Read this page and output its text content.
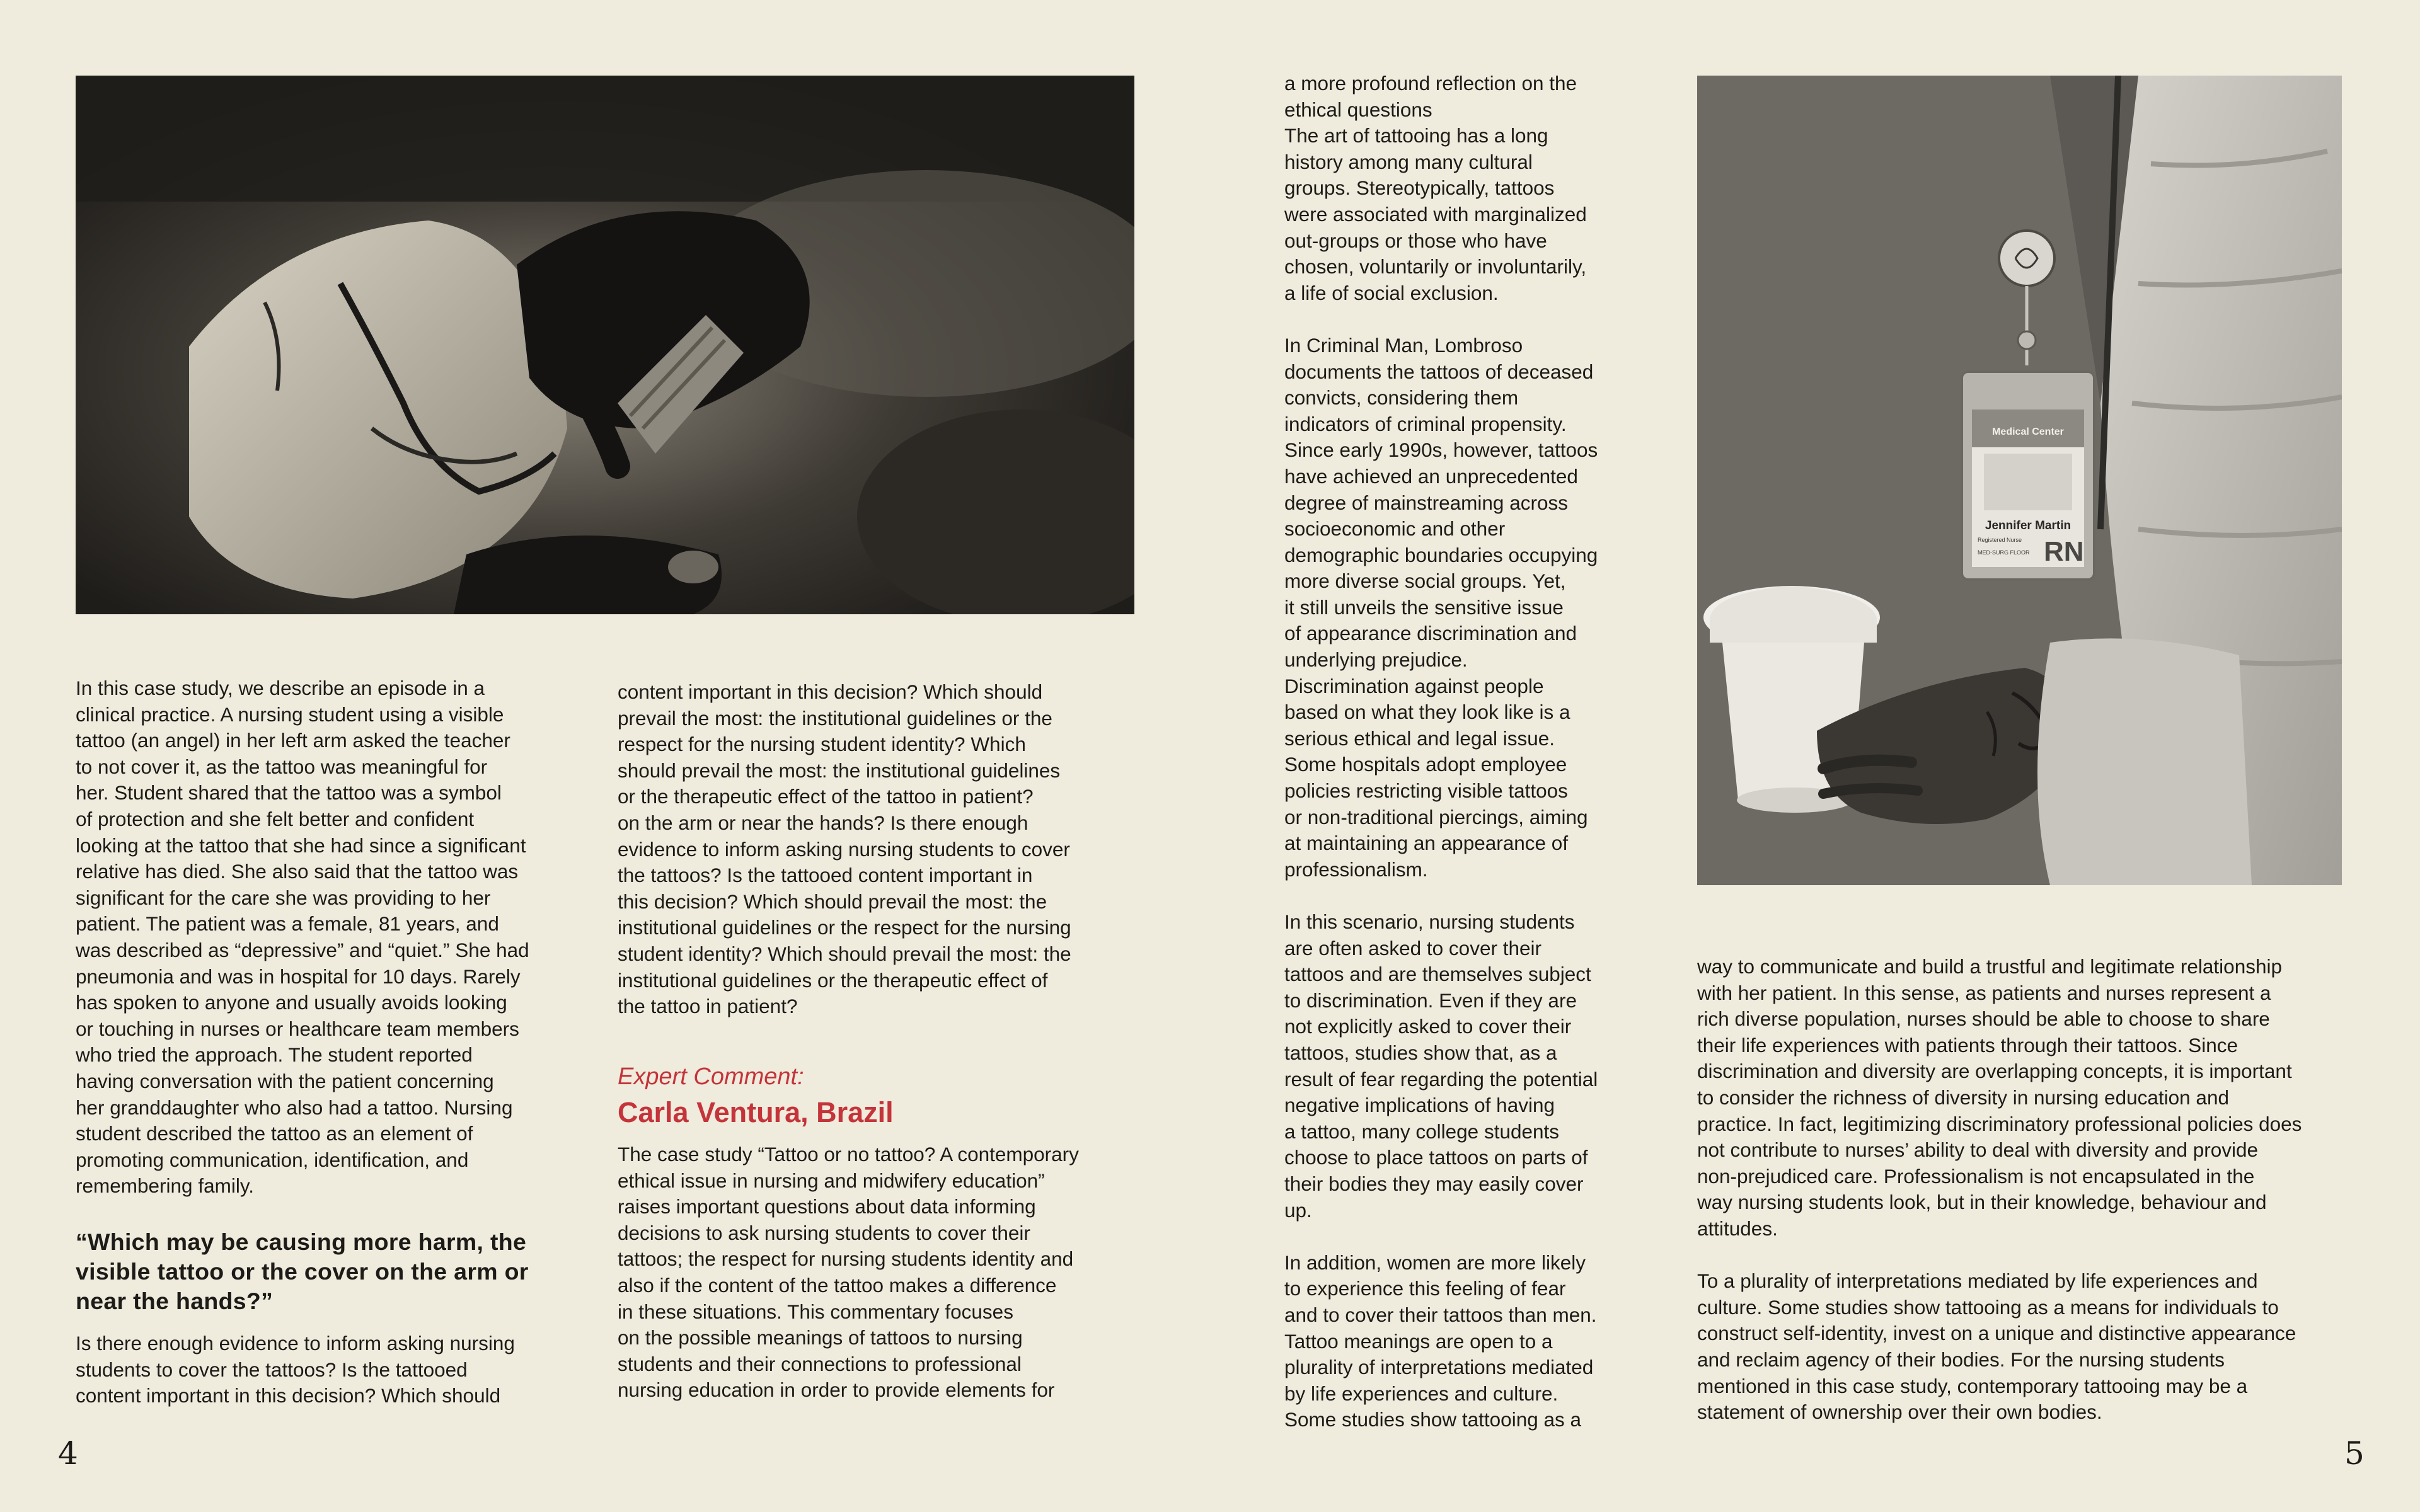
In this case study, we describe an episode in a
clinical practice. A nursing student using a visible
tattoo (an angel) in her left arm asked the teacher
to not cover it, as the tattoo was meaningful for
her. Student shared that the tattoo was a symbol
of protection and she felt better and confident
looking at the tattoo that she had since a significant
relative has died. She also said that the tattoo was
significant for the care she was providing to her
patient. The patient was a female, 81 years, and
was described as “depressive” and “quiet.” She had
pneumonia and was in hospital for 10 days. Rarely
has spoken to anyone and usually avoids looking
or touching in nurses or healthcare team members
who tried the approach. The student reported
having conversation with the patient concerning
her granddaughter who also had a tattoo. Nursing
student described the tattoo as an element of
promoting communication, identification, and
remembering family.

“Which may be causing more harm, the visible tattoo or the cover on the arm or near the hands?”

Is there enough evidence to inform asking nursing
students to cover the tattoos? Is the tattooed
content important in this decision? Which should

content important in this decision? Which should
prevail the most: the institutional guidelines or the
respect for the nursing student identity? Which
should prevail the most: the institutional guidelines
or the therapeutic effect of the tattoo in patient?
on the arm or near the hands? Is there enough
evidence to inform asking nursing students to cover
the tattoos? Is the tattooed content important in
this decision? Which should prevail the most: the
institutional guidelines or the respect for the nursing
student identity? Which should prevail the most: the
institutional guidelines or the therapeutic effect of
the tattoo in patient?

Expert Comment:

Carla Ventura, Brazil

The case study “Tattoo or no tattoo? A contemporary
ethical issue in nursing and midwifery education”
raises important questions about data informing
decisions to ask nursing students to cover their
tattoos; the respect for nursing students identity and
also if the content of the tattoo makes a difference
in these situations. This commentary focuses
on the possible meanings of tattoos to nursing
students and their connections to professional
nursing education in order to provide elements for

a more profound reflection on the
ethical questions
The art of tattooing has a long
history among many cultural
groups. Stereotypically, tattoos
were associated with marginalized
out-groups or those who have
chosen, voluntarily or involuntarily,
a life of social exclusion.

In Criminal Man, Lombroso
documents the tattoos of deceased
convicts, considering them
indicators of criminal propensity.
Since early 1990s, however, tattoos
have achieved an unprecedented
degree of mainstreaming across
socioeconomic and other
demographic boundaries occupying
more diverse social groups. Yet,
it still unveils the sensitive issue
of appearance discrimination and
underlying prejudice.
Discrimination against people
based on what they look like is a
serious ethical and legal issue.
Some hospitals adopt employee
policies restricting visible tattoos
or non-traditional piercings, aiming
at maintaining an appearance of
professionalism.

In this scenario, nursing students
are often asked to cover their
tattoos and are themselves subject
to discrimination. Even if they are
not explicitly asked to cover their
tattoos, studies show that, as a
result of fear regarding the potential
negative implications of having
a tattoo, many college students
choose to place tattoos on parts of
their bodies they may easily cover
up.

In addition, women are more likely
to experience this feeling of fear
and to cover their tattoos than men.
Tattoo meanings are open to a
plurality of interpretations mediated
by life experiences and culture.
Some studies show tattooing as a

Medical Center
Jennifer Martin
Registered Nurse
MED-SURG FLOOR RN

way to communicate and build a trustful and legitimate relationship
with her patient. In this sense, as patients and nurses represent a
rich diverse population, nurses should be able to choose to share
their life experiences with patients through their tattoos. Since
discrimination and diversity are overlapping concepts, it is important
to consider the richness of diversity in nursing education and
practice. In fact, legitimizing discriminatory professional policies does
not contribute to nurses’ ability to deal with diversity and provide
non-prejudiced care. Professionalism is not encapsulated in the
way nursing students look, but in their knowledge, behaviour and
attitudes.

To a plurality of interpretations mediated by life experiences and
culture. Some studies show tattooing as a means for individuals to
construct self-identity, invest on a unique and distinctive appearance
and reclaim agency of their bodies. For the nursing students
mentioned in this case study, contemporary tattooing may be a
statement of ownership over their own bodies.

4	5
